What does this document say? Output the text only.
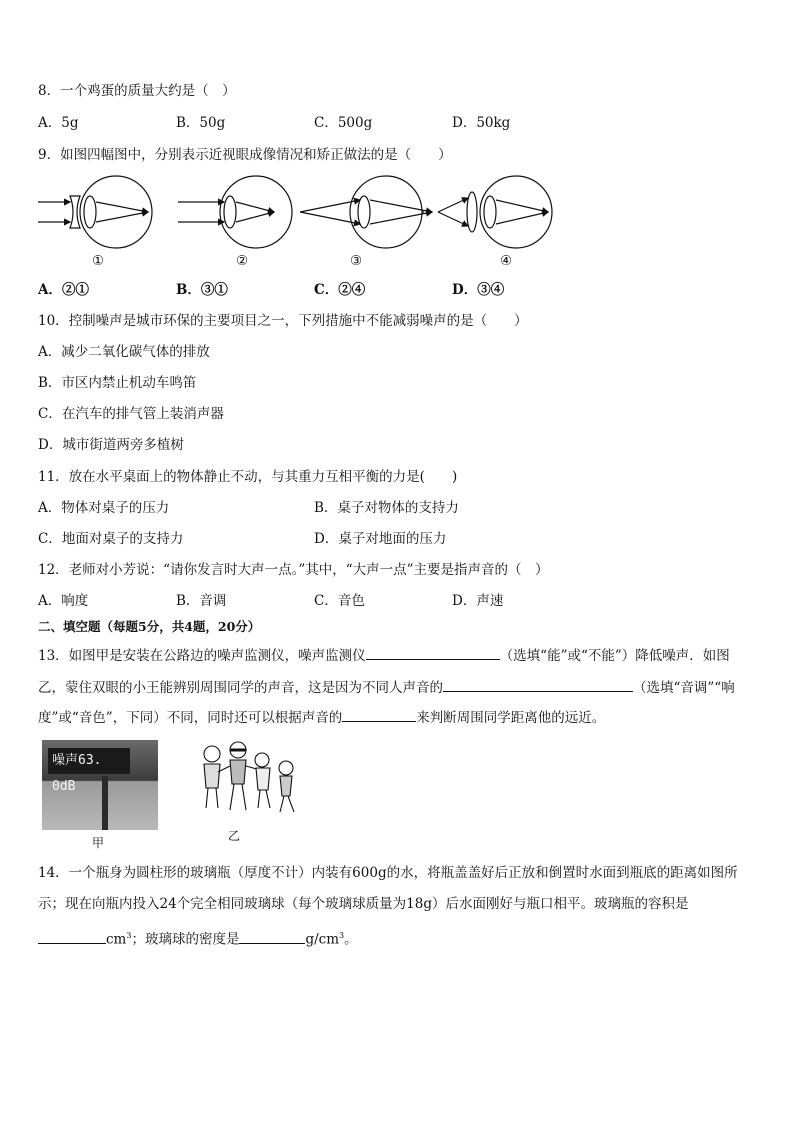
8．一个鸡蛋的质量大约是（　）
A．5g	B．50g	C．500g	D．50kg
9．如图四幅图中，分别表示近视眼成像情况和矫正做法的是（　　）
①	②	③	④
A．②①	B．③①	C．②④	D．③④
10．控制噪声是城市环保的主要项目之一，下列措施中不能减弱噪声的是（　　）
A．减少二氧化碳气体的排放
B．市区内禁止机动车鸣笛
C．在汽车的排气管上装消声器
D．城市街道两旁多植树
11．放在水平桌面上的物体静止不动，与其重力互相平衡的力是(　　)
A．物体对桌子的压力	B．桌子对物体的支持力
C．地面对桌子的支持力	D．桌子对地面的压力
12．老师对小芳说：“请你发言时大声一点。”其中，“大声一点”主要是指声音的（　）
A．响度	B．音调	C．音色	D．声速
二、填空题（每题5分，共4题，20分）
13．如图甲是安装在公路边的噪声监测仪，噪声监测仪	（选填“能”或“不能”）降低噪声．如图
乙，蒙住双眼的小王能辨别周围同学的声音，这是因为不同人声音的	（选填“音调”“响
度”或“音色”，下同）不同，同时还可以根据声音的	来判断周围同学距离他的远近。
噪声63. 0dB
甲	乙
14．一个瓶身为圆柱形的玻璃瓶（厚度不计）内装有600g的水，将瓶盖盖好后正放和倒置时水面到瓶底的距离如图所
示；现在向瓶内投入24个完全相同玻璃球（每个玻璃球质量为18g）后水面刚好与瓶口相平。玻璃瓶的容积是
$cm^3$；玻璃球的密度是	$g/cm^3$。
